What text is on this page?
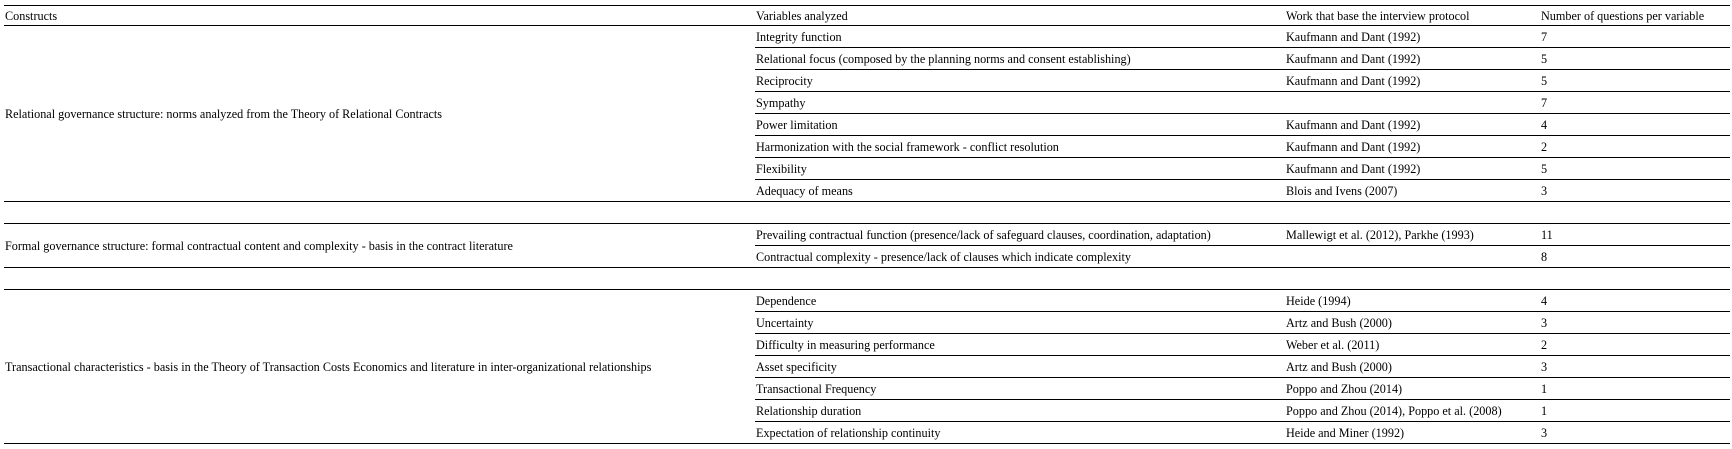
Constructs	Variables analyzed	Work that base the interview protocol	Number of questions per variable
Relational governance structure: norms analyzed from the Theory of Relational Contracts	Integrity function	Kaufmann and Dant (1992)	7
	Relational focus (composed by the planning norms and consent establishing)	Kaufmann and Dant (1992)	5
	Reciprocity	Kaufmann and Dant (1992)	5
	Sympathy		7
	Power limitation	Kaufmann and Dant (1992)	4
	Harmonization with the social framework - conflict resolution	Kaufmann and Dant (1992)	2
	Flexibility	Kaufmann and Dant (1992)	5
	Adequacy of means	Blois and Ivens (2007)	3

Formal governance structure: formal contractual content and complexity - basis in the contract literature	Prevailing contractual function (presence/lack of safeguard clauses, coordination, adaptation)	Mallewigt et al. (2012), Parkhe (1993)	11
	Contractual complexity - presence/lack of clauses which indicate complexity		8

Transactional characteristics - basis in the Theory of Transaction Costs Economics and literature in inter-organizational relationships	Dependence	Heide (1994)	4
	Uncertainty	Artz and Bush (2000)	3
	Difficulty in measuring performance	Weber et al. (2011)	2
	Asset specificity	Artz and Bush (2000)	3
	Transactional Frequency	Poppo and Zhou (2014)	1
	Relationship duration	Poppo and Zhou (2014), Poppo et al. (2008)	1
	Expectation of relationship continuity	Heide and Miner (1992)	3
